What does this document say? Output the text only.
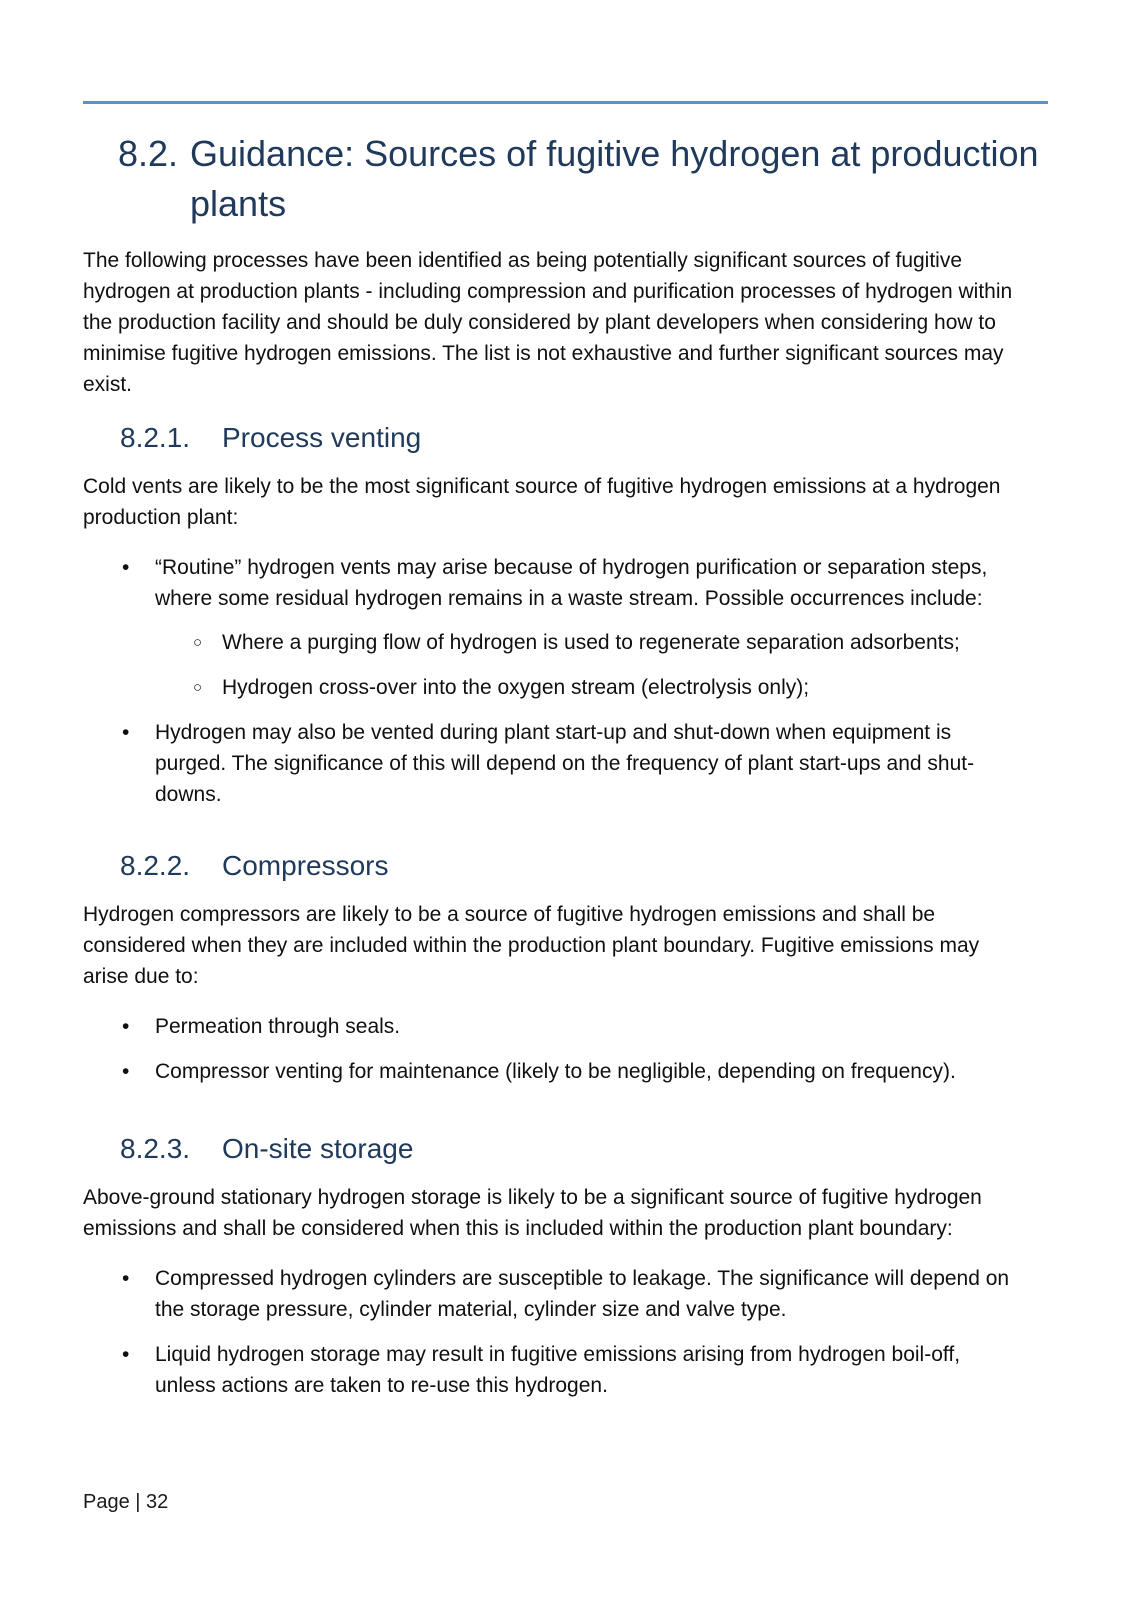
8.2. Guidance: Sources of fugitive hydrogen at production plants

The following processes have been identified as being potentially significant sources of fugitive hydrogen at production plants - including compression and purification processes of hydrogen within the production facility and should be duly considered by plant developers when considering how to minimise fugitive hydrogen emissions. The list is not exhaustive and further significant sources may exist.

8.2.1.	Process venting

Cold vents are likely to be the most significant source of fugitive hydrogen emissions at a hydrogen production plant:

•	“Routine” hydrogen vents may arise because of hydrogen purification or separation steps, where some residual hydrogen remains in a waste stream. Possible occurrences include:
○ Where a purging flow of hydrogen is used to regenerate separation adsorbents;
○ Hydrogen cross-over into the oxygen stream (electrolysis only);
•	Hydrogen may also be vented during plant start-up and shut-down when equipment is purged. The significance of this will depend on the frequency of plant start-ups and shut-downs.
8.2.2.	Compressors

Hydrogen compressors are likely to be a source of fugitive hydrogen emissions and shall be considered when they are included within the production plant boundary. Fugitive emissions may arise due to:

•	Permeation through seals.
•	Compressor venting for maintenance (likely to be negligible, depending on frequency).
8.2.3.	On-site storage

Above-ground stationary hydrogen storage is likely to be a significant source of fugitive hydrogen emissions and shall be considered when this is included within the production plant boundary:

•	Compressed hydrogen cylinders are susceptible to leakage. The significance will depend on the storage pressure, cylinder material, cylinder size and valve type.
•	Liquid hydrogen storage may result in fugitive emissions arising from hydrogen boil-off, unless actions are taken to re-use this hydrogen.
Page | 32
